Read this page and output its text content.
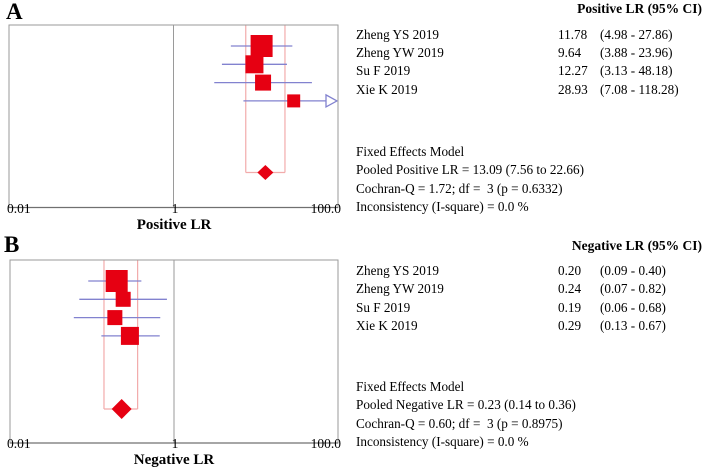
A	Positive LR (95% CI)
Zheng YS 2019	11.78 (4.98 - 27.86)
Zheng YW 2019	9.64	(3.88 - 23.96)
Su F 2019	12.27 (3.13 - 48.18)
Xie K 2019	28.93 (7.08 - 118.28)
Fixed Effects Model
Pooled Positive LR = 13.09 (7.56 to 22.66)
Cochran-Q = 1.72; df =  3 (p = 0.6332)
Inconsistency (I-square) = 0.0 %
0.01	1	100.0
Positive LR
B	Negative LR (95% CI)
Zheng YS 2019	0.20	(0.09 - 0.40)
Zheng YW 2019	0.24	(0.07 - 0.82)
Su F 2019	0.19	(0.06 - 0.68)
Xie K 2019	0.29	(0.13 - 0.67)
Fixed Effects Model
Pooled Negative LR = 0.23 (0.14 to 0.36)
Cochran-Q = 0.60; df =  3 (p = 0.8975)
Inconsistency (I-square) = 0.0 %
0.01	1	100.0
Negative LR
